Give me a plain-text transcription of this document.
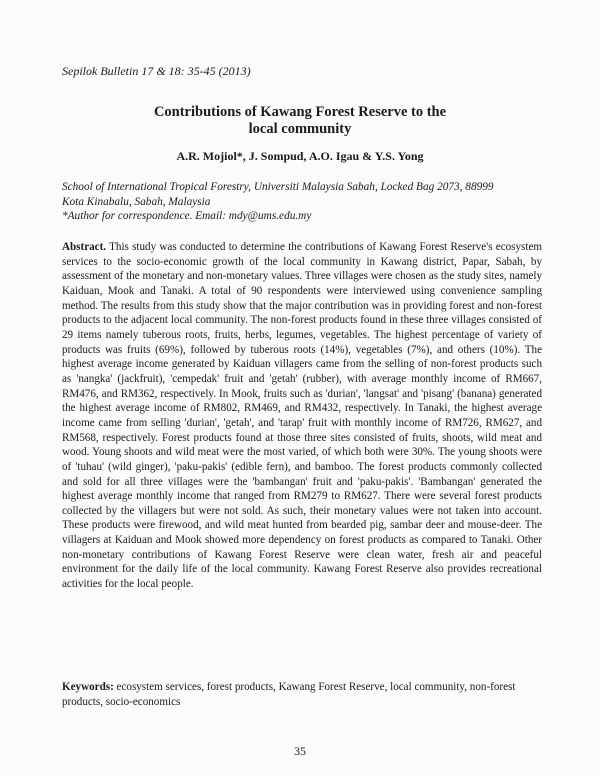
Sepilok Bulletin 17 & 18: 35-45 (2013)
Contributions of Kawang Forest Reserve to the
local community
A.R. Mojiol*, J. Sompud, A.O. Igau & Y.S. Yong
School of International Tropical Forestry, Universiti Malaysia Sabah, Locked Bag 2073, 88999
Kota Kinabalu, Sabah, Malaysia
*Author for correspondence. Email: mdy@ums.edu.my
Abstract. This study was conducted to determine the contributions of Kawang Forest Reserve's ecosystem services to the socio-economic growth of the local community in Kawang district, Papar, Sabah, by assessment of the monetary and non-monetary values. Three villages were chosen as the study sites, namely Kaiduan, Mook and Tanaki. A total of 90 respondents were interviewed using convenience sampling method. The results from this study show that the major contribution was in providing forest and non-forest products to the adjacent local community. The non-forest products found in these three villages consisted of 29 items namely tuberous roots, fruits, herbs, legumes, vegetables. The highest percentage of variety of products was fruits (69%), followed by tuberous roots (14%), vegetables (7%), and others (10%). The highest average income generated by Kaiduan villagers came from the selling of non-forest products such as 'nangka' (jackfruit), 'cempedak' fruit and 'getah' (rubber), with average monthly income of RM667, RM476, and RM362, respectively. In Mook, fruits such as 'durian', 'langsat' and 'pisang' (banana) generated the highest average income of RM802, RM469, and RM432, respectively. In Tanaki, the highest average income came from selling 'durian', 'getah', and 'tarap' fruit with monthly income of RM726, RM627, and RM568, respectively. Forest products found at those three sites consisted of fruits, shoots, wild meat and wood. Young shoots and wild meat were the most varied, of which both were 30%. The young shoots were of 'tuhau' (wild ginger), 'paku-pakis' (edible fern), and bamboo. The forest products commonly collected and sold for all three villages were the 'bambangan' fruit and 'paku-pakis'. 'Bambangan' generated the highest average monthly income that ranged from RM279 to RM627. There were several forest products collected by the villagers but were not sold. As such, their monetary values were not taken into account. These products were firewood, and wild meat hunted from bearded pig, sambar deer and mouse-deer. The villagers at Kaiduan and Mook showed more dependency on forest products as compared to Tanaki. Other non-monetary contributions of Kawang Forest Reserve were clean water, fresh air and peaceful environment for the daily life of the local community. Kawang Forest Reserve also provides recreational activities for the local people.
Keywords: ecosystem services, forest products, Kawang Forest Reserve, local community, non-forest products, socio-economics
35
